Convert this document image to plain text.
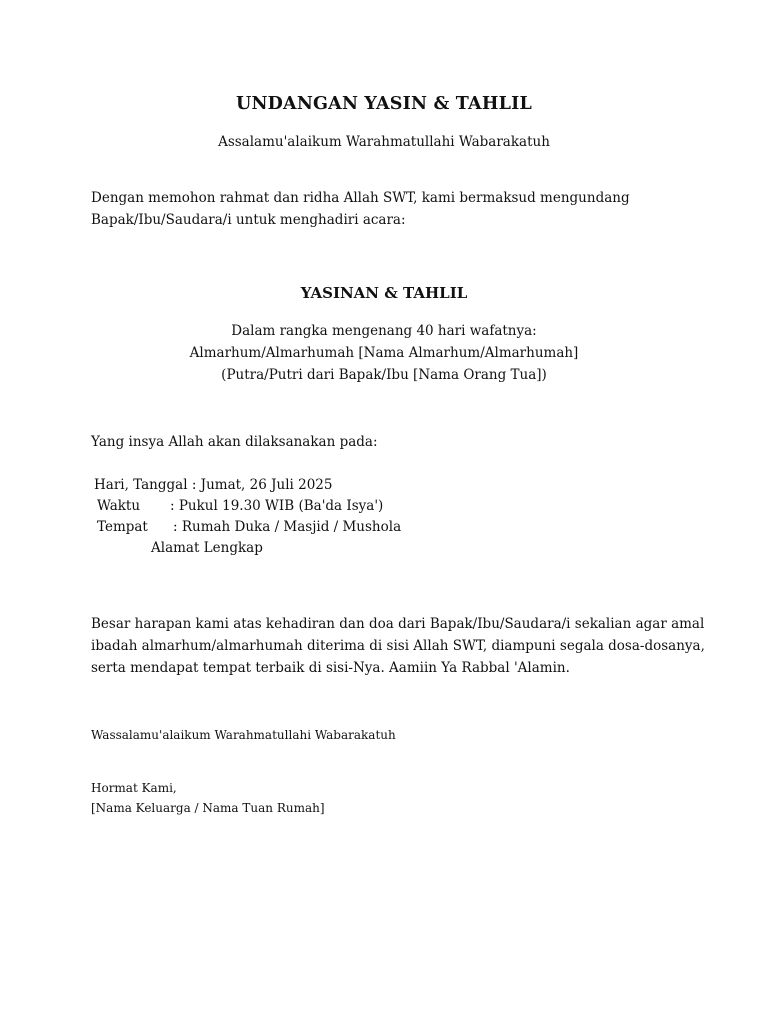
UNDANGAN YASIN & TAHLIL
Assalamu'alaikum Warahmatullahi Wabarakatuh
Dengan memohon rahmat dan ridha Allah SWT, kami bermaksud mengundang
Bapak/Ibu/Saudara/i untuk menghadiri acara:
YASINAN & TAHLIL
Dalam rangka mengenang 40 hari wafatnya:
Almarhum/Almarhumah [Nama Almarhum/Almarhumah]
(Putra/Putri dari Bapak/Ibu [Nama Orang Tua])
Yang insya Allah akan dilaksanakan pada:
Hari, Tanggal : Jumat, 26 Juli 2025
Waktu : Pukul 19.30 WIB (Ba'da Isya')
Tempat : Rumah Duka / Masjid / Mushola
Alamat Lengkap
Besar harapan kami atas kehadiran dan doa dari Bapak/Ibu/Saudara/i sekalian agar amal
ibadah almarhum/almarhumah diterima di sisi Allah SWT, diampuni segala dosa-dosanya,
serta mendapat tempat terbaik di sisi-Nya. Aamiin Ya Rabbal 'Alamin.
Wassalamu'alaikum Warahmatullahi Wabarakatuh
Hormat Kami,
[Nama Keluarga / Nama Tuan Rumah]
